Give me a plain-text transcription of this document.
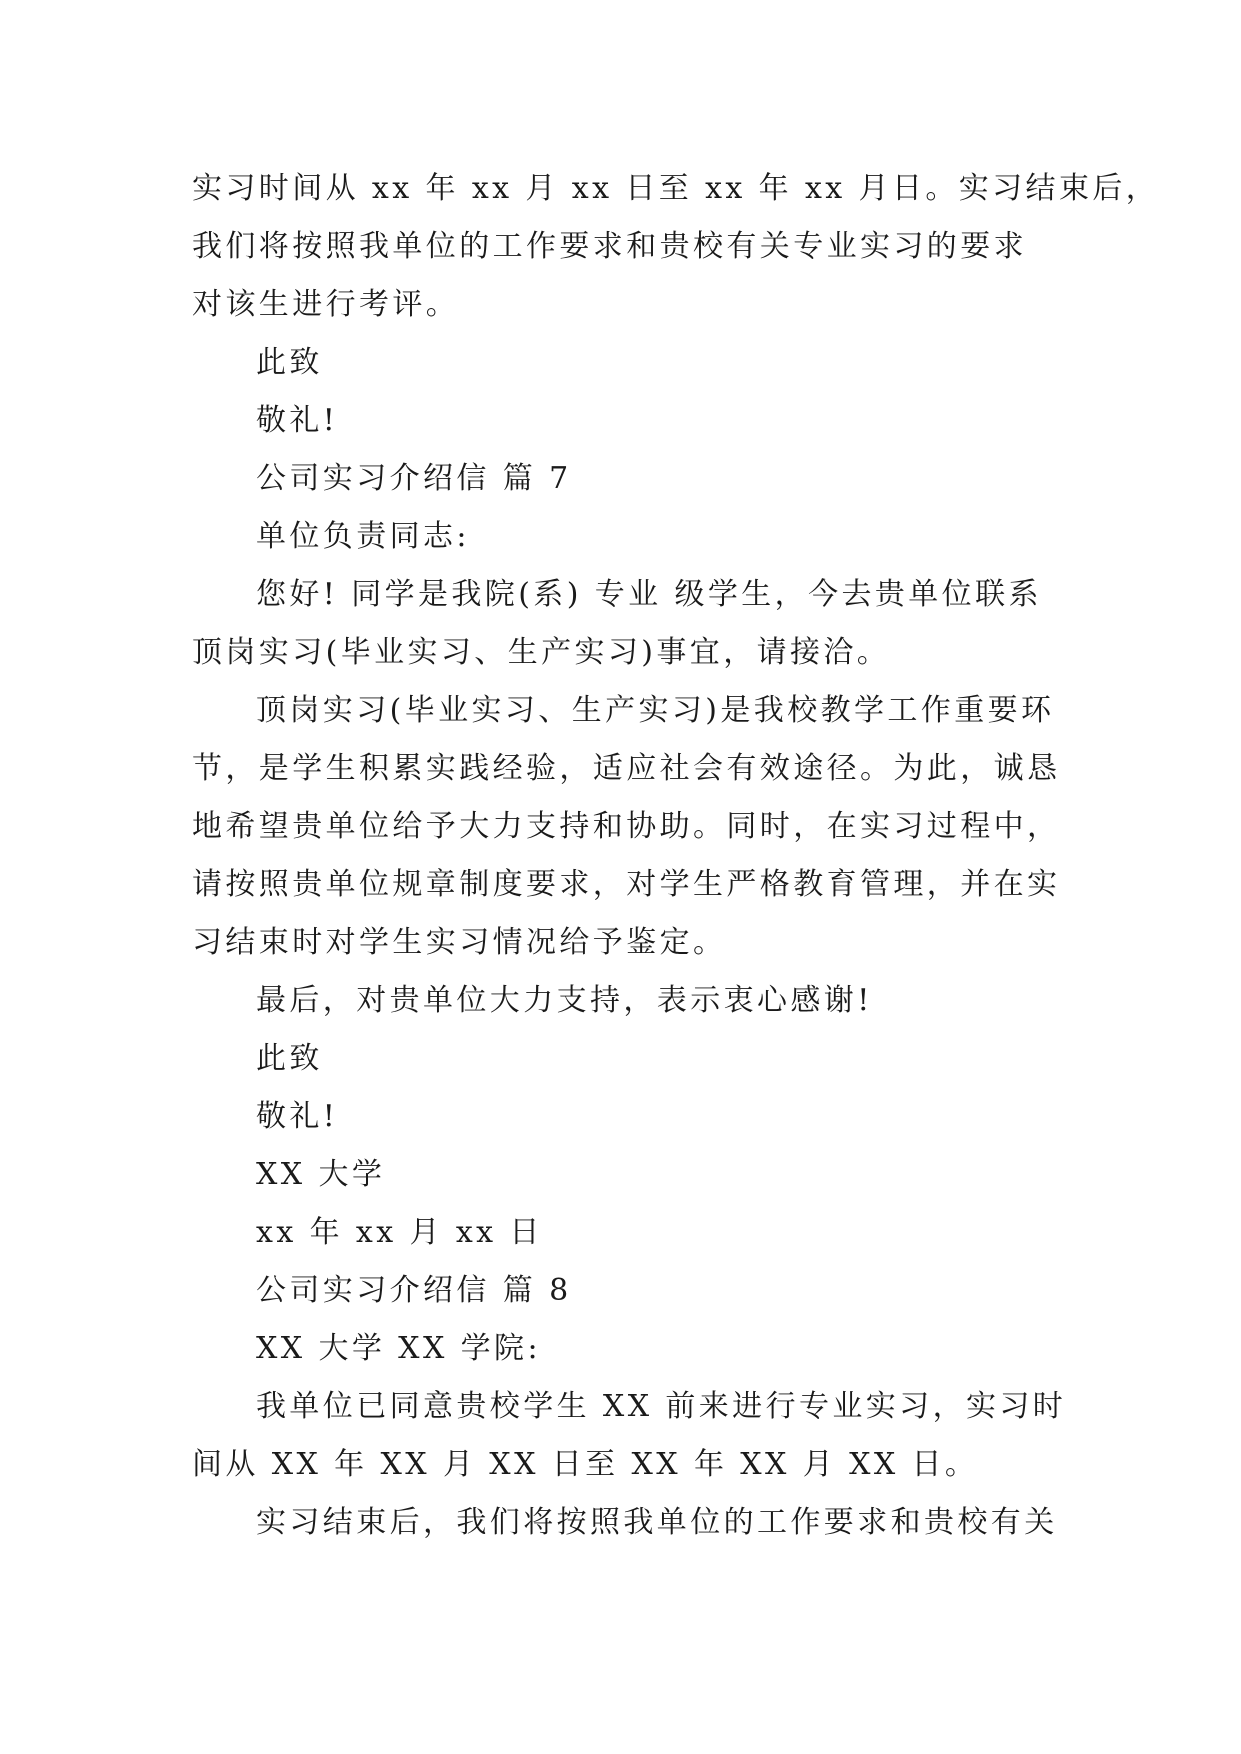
实习时间从 xx 年 xx 月 xx 日至 xx 年 xx 月日。实习结束后，
我们将按照我单位的工作要求和贵校有关专业实习的要求
对该生进行考评。
此致
敬礼!
公司实习介绍信 篇 7
单位负责同志:
您好! 同学是我院(系) 专业 级学生，今去贵单位联系
顶岗实习(毕业实习、生产实习)事宜，请接洽。
顶岗实习(毕业实习、生产实习)是我校教学工作重要环
节，是学生积累实践经验，适应社会有效途径。为此，诚恳
地希望贵单位给予大力支持和协助。同时，在实习过程中，
请按照贵单位规章制度要求，对学生严格教育管理，并在实
习结束时对学生实习情况给予鉴定。
最后，对贵单位大力支持，表示衷心感谢!
此致
敬礼!
XX 大学
xx 年 xx 月 xx 日
公司实习介绍信 篇 8
XX 大学 XX 学院:
我单位已同意贵校学生 XX 前来进行专业实习，实习时
间从 XX 年 XX 月 XX 日至 XX 年 XX 月 XX 日。
实习结束后，我们将按照我单位的工作要求和贵校有关
